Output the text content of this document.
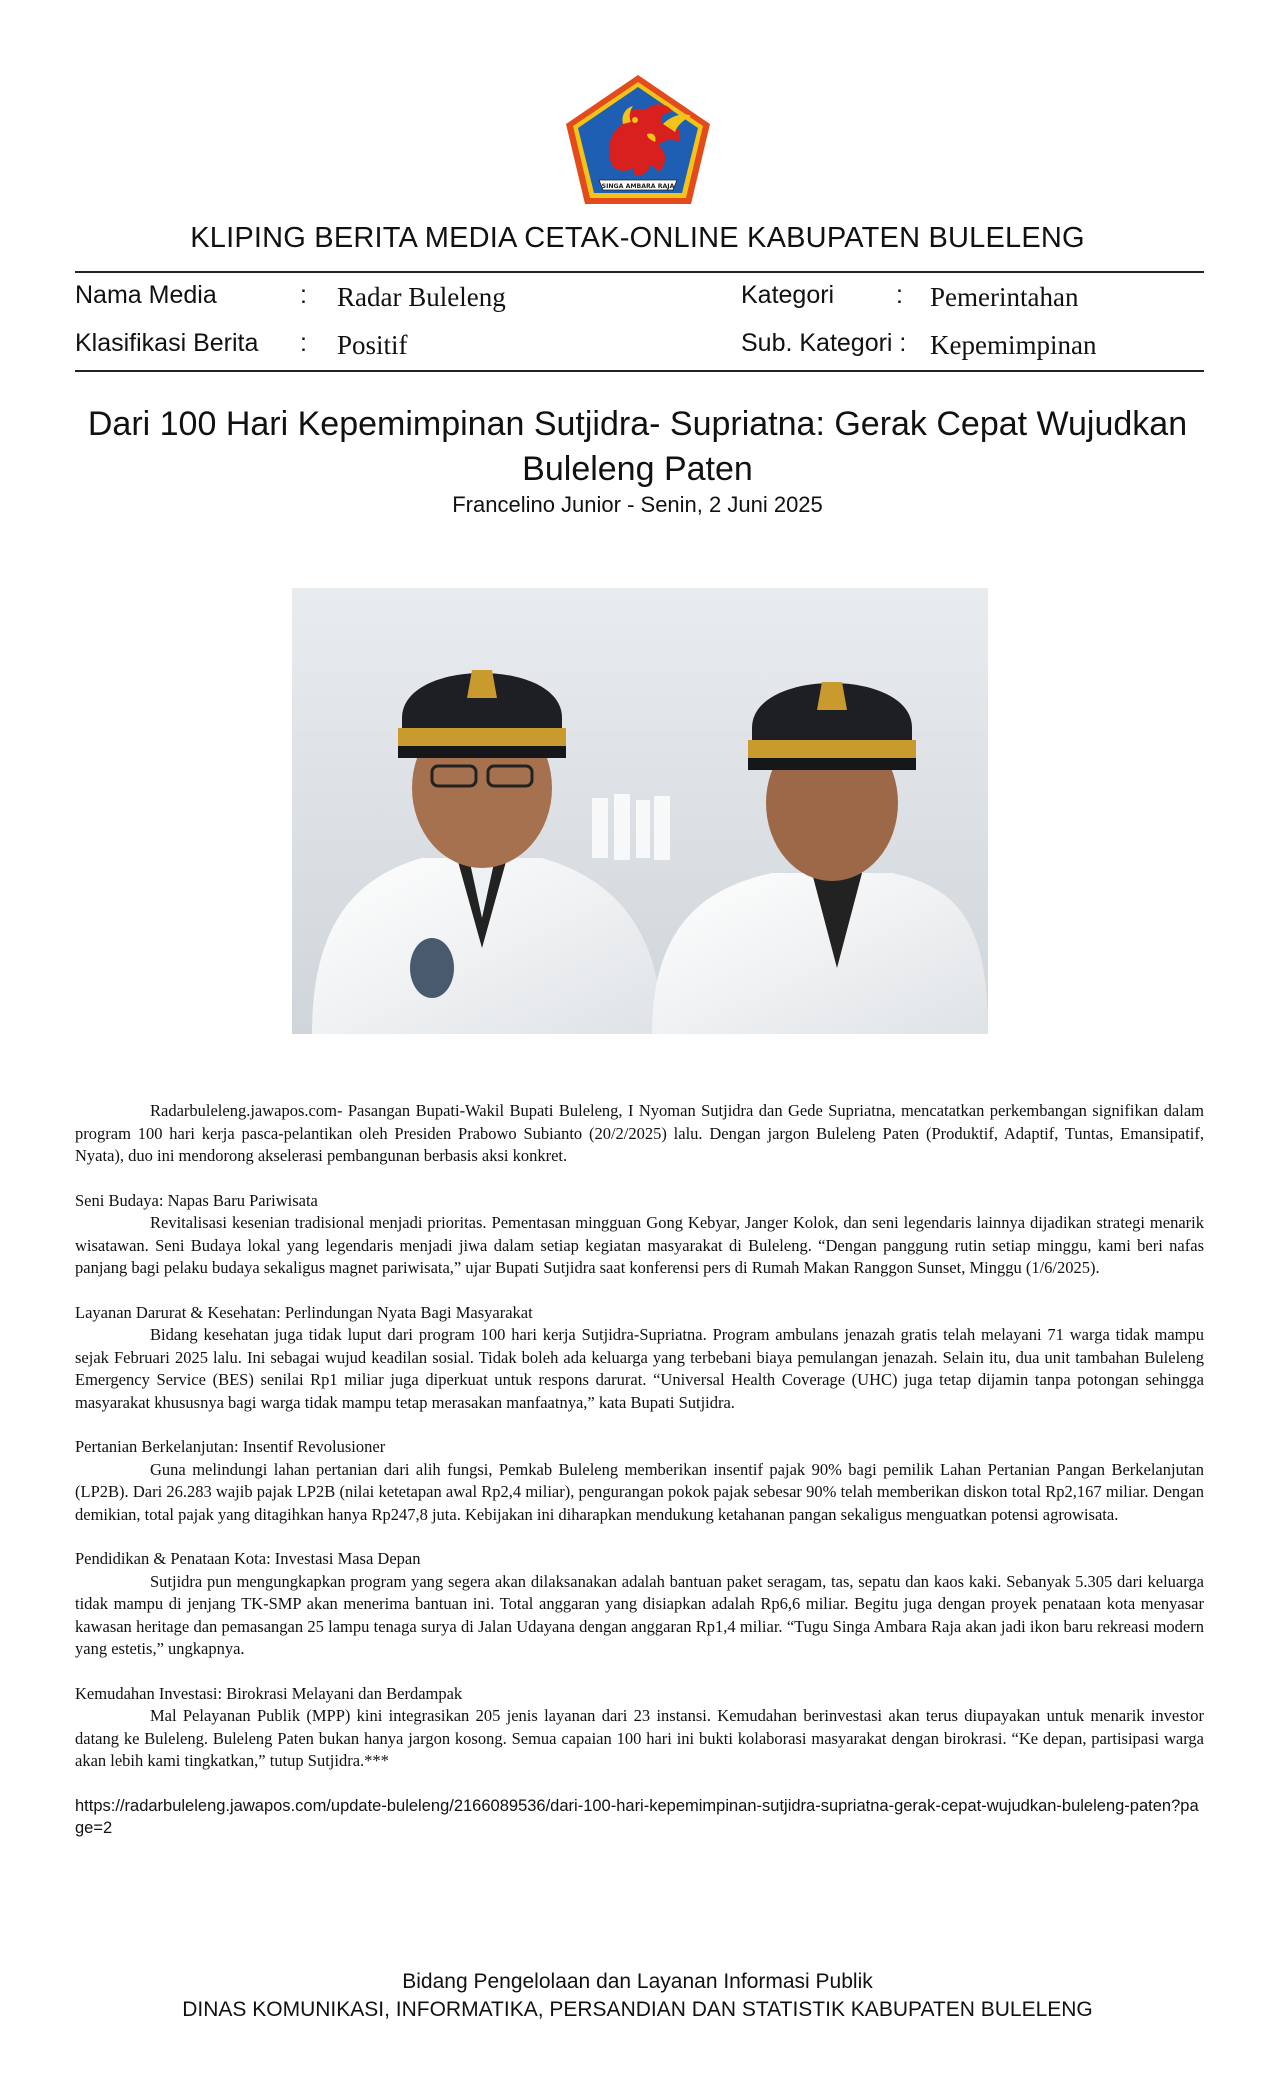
SINGA AMBARA RAJA
KLIPING BERITA MEDIA CETAK-ONLINE KABUPATEN BULELENG
Nama Media	: Radar Buleleng
Klasifikasi Berita : Positif
Kategori : Pemerintahan
Sub. Kategori : Kepemimpinan
Dari 100 Hari Kepemimpinan Sutjidra- Supriatna: Gerak Cepat Wujudkan
Buleleng Paten
Francelino Junior - Senin, 2 Juni 2025

Radarbuleleng.jawapos.com- Pasangan Bupati-Wakil Bupati Buleleng, I Nyoman Sutjidra dan Gede Supriatna, mencatatkan perkembangan signifikan dalam program 100 hari kerja pasca-pelantikan oleh Presiden Prabowo Subianto (20/2/2025) lalu. Dengan jargon Buleleng Paten (Produktif, Adaptif, Tuntas, Emansipatif, Nyata), duo ini mendorong akselerasi pembangunan berbasis aksi konkret.

Seni Budaya: Napas Baru Pariwisata

Revitalisasi kesenian tradisional menjadi prioritas. Pementasan mingguan Gong Kebyar, Janger Kolok, dan seni legendaris lainnya dijadikan strategi menarik wisatawan. Seni Budaya lokal yang legendaris menjadi jiwa dalam setiap kegiatan masyarakat di Buleleng. “Dengan panggung rutin setiap minggu, kami beri nafas panjang bagi pelaku budaya sekaligus magnet pariwisata,” ujar Bupati Sutjidra saat konferensi pers di Rumah Makan Ranggon Sunset, Minggu (1/6/2025).

Layanan Darurat & Kesehatan: Perlindungan Nyata Bagi Masyarakat

Bidang kesehatan juga tidak luput dari program 100 hari kerja Sutjidra-Supriatna. Program ambulans jenazah gratis telah melayani 71 warga tidak mampu sejak Februari 2025 lalu. Ini sebagai wujud keadilan sosial. Tidak boleh ada keluarga yang terbebani biaya pemulangan jenazah. Selain itu, dua unit tambahan Buleleng Emergency Service (BES) senilai Rp1 miliar juga diperkuat untuk respons darurat. “Universal Health Coverage (UHC) juga tetap dijamin tanpa potongan sehingga masyarakat khususnya bagi warga tidak mampu tetap merasakan manfaatnya,” kata Bupati Sutjidra.

Pertanian Berkelanjutan: Insentif Revolusioner

Guna melindungi lahan pertanian dari alih fungsi, Pemkab Buleleng memberikan insentif pajak 90% bagi pemilik Lahan Pertanian Pangan Berkelanjutan (LP2B). Dari 26.283 wajib pajak LP2B (nilai ketetapan awal Rp2,4 miliar), pengurangan pokok pajak sebesar 90% telah memberikan diskon total Rp2,167 miliar. Dengan demikian, total pajak yang ditagihkan hanya Rp247,8 juta. Kebijakan ini diharapkan mendukung ketahanan pangan sekaligus menguatkan potensi agrowisata.

Pendidikan & Penataan Kota: Investasi Masa Depan

Sutjidra pun mengungkapkan program yang segera akan dilaksanakan adalah bantuan paket seragam, tas, sepatu dan kaos kaki. Sebanyak 5.305 dari keluarga tidak mampu di jenjang TK-SMP akan menerima bantuan ini. Total anggaran yang disiapkan adalah Rp6,6 miliar. Begitu juga dengan proyek penataan kota menyasar kawasan heritage dan pemasangan 25 lampu tenaga surya di Jalan Udayana dengan anggaran Rp1,4 miliar. “Tugu Singa Ambara Raja akan jadi ikon baru rekreasi modern yang estetis,” ungkapnya.

Kemudahan Investasi: Birokrasi Melayani dan Berdampak

Mal Pelayanan Publik (MPP) kini integrasikan 205 jenis layanan dari 23 instansi. Kemudahan berinvestasi akan terus diupayakan untuk menarik investor datang ke Buleleng. Buleleng Paten bukan hanya jargon kosong. Semua capaian 100 hari ini bukti kolaborasi masyarakat dengan birokrasi. “Ke depan, partisipasi warga akan lebih kami tingkatkan,” tutup Sutjidra.***

https://radarbuleleng.jawapos.com/update-buleleng/2166089536/dari-100-hari-kepemimpinan-sutjidra-supriatna-gerak-cepat-wujudkan-buleleng-paten?page=2

Bidang Pengelolaan dan Layanan Informasi Publik
DINAS KOMUNIKASI, INFORMATIKA, PERSANDIAN DAN STATISTIK KABUPATEN BULELENG
